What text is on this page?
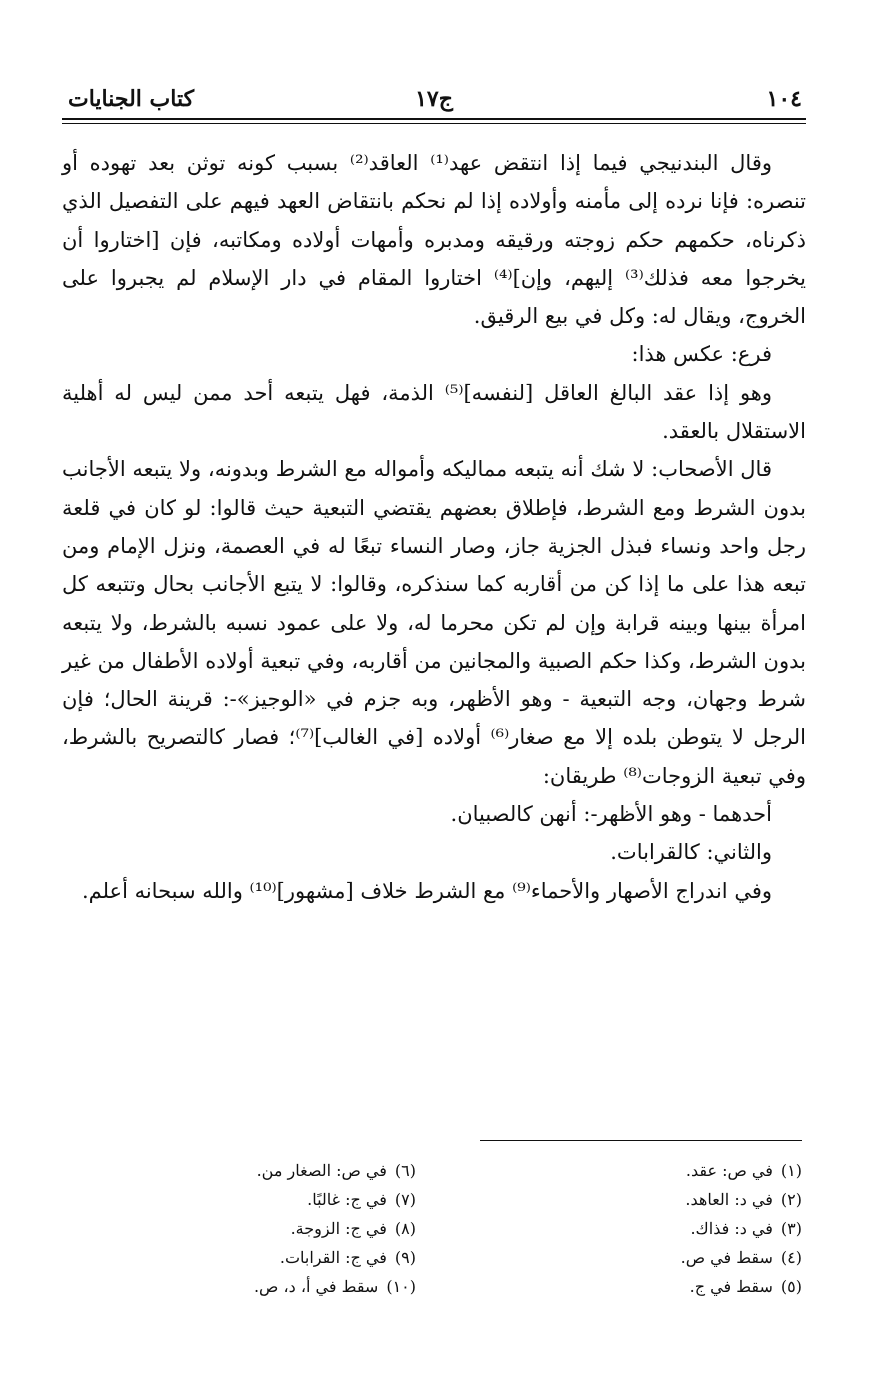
١٠٤
ج١٧
كتاب الجنايات

وقال البندنيجي فيما إذا انتقض عهد⁽¹⁾ العاقد⁽²⁾ بسبب كونه توثن بعد تهوده أو تنصره: فإنا نرده إلى مأمنه وأولاده إذا لم نحكم بانتقاض العهد فيهم على التفصيل الذي ذكرناه، حكمهم حكم زوجته ورقيقه ومدبره وأمهات أولاده ومكاتبه، فإن [اختاروا أن يخرجوا معه فذلك⁽³⁾ إليهم، وإن]⁽⁴⁾ اختاروا المقام في دار الإسلام لم يجبروا على الخروج، ويقال له: وكل في بيع الرقيق.

فرع: عكس هذا:

وهو إذا عقد البالغ العاقل [لنفسه]⁽⁵⁾ الذمة، فهل يتبعه أحد ممن ليس له أهلية الاستقلال بالعقد.

قال الأصحاب: لا شك أنه يتبعه مماليكه وأمواله مع الشرط وبدونه، ولا يتبعه الأجانب بدون الشرط ومع الشرط، فإطلاق بعضهم يقتضي التبعية حيث قالوا: لو كان في قلعة رجل واحد ونساء فبذل الجزية جاز، وصار النساء تبعًا له في العصمة، ونزل الإمام ومن تبعه هذا على ما إذا كن من أقاربه كما سنذكره، وقالوا: لا يتبع الأجانب بحال وتتبعه كل امرأة بينها وبينه قرابة وإن لم تكن محرما له، ولا على عمود نسبه بالشرط، ولا يتبعه بدون الشرط، وكذا حكم الصبية والمجانين من أقاربه، وفي تبعية أولاده الأطفال من غير شرط وجهان، وجه التبعية - وهو الأظهر، وبه جزم في «الوجيز»-: قرينة الحال؛ فإن الرجل لا يتوطن بلده إلا مع صغار⁽⁶⁾ أولاده [في الغالب]⁽⁷⁾؛ فصار كالتصريح بالشرط، وفي تبعية الزوجات⁽⁸⁾ طريقان:

أحدهما - وهو الأظهر-: أنهن كالصبيان.

والثاني: كالقرابات.

وفي اندراج الأصهار والأحماء⁽⁹⁾ مع الشرط خلاف [مشهور]⁽¹⁰⁾ والله سبحانه أعلم.

(١)في ص: عقد.
(٢)في د: العاهد.
(٣)في د: فذاك.
(٤)سقط في ص.
(٥)سقط في ج.
(٦)في ص: الصغار من.
(٧)في ج: غالبًا.
(٨)في ج: الزوجة.
(٩)في ج: القرابات.
(١٠)سقط في أ، د، ص.
